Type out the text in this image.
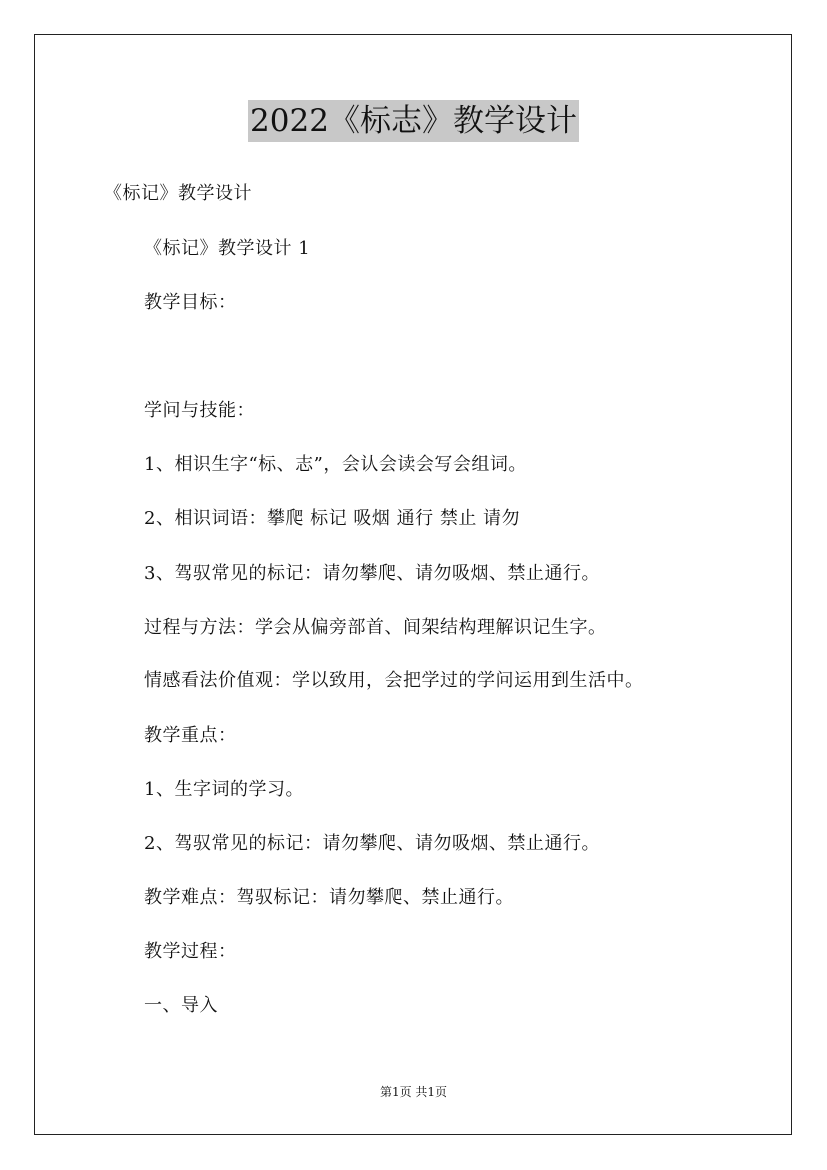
2022《标志》教学设计
《标记》教学设计
《标记》教学设计 1
教学目标：
学问与技能：
1、相识生字“标、志”，会认会读会写会组词。
2、相识词语：攀爬 标记 吸烟 通行 禁止 请勿
3、驾驭常见的标记：请勿攀爬、请勿吸烟、禁止通行。
过程与方法：学会从偏旁部首、间架结构理解识记生字。
情感看法价值观：学以致用，会把学过的学问运用到生活中。
教学重点：
1、生字词的学习。
2、驾驭常见的标记：请勿攀爬、请勿吸烟、禁止通行。
教学难点：驾驭标记：请勿攀爬、禁止通行。
教学过程：
一、导入
第1页 共1页
